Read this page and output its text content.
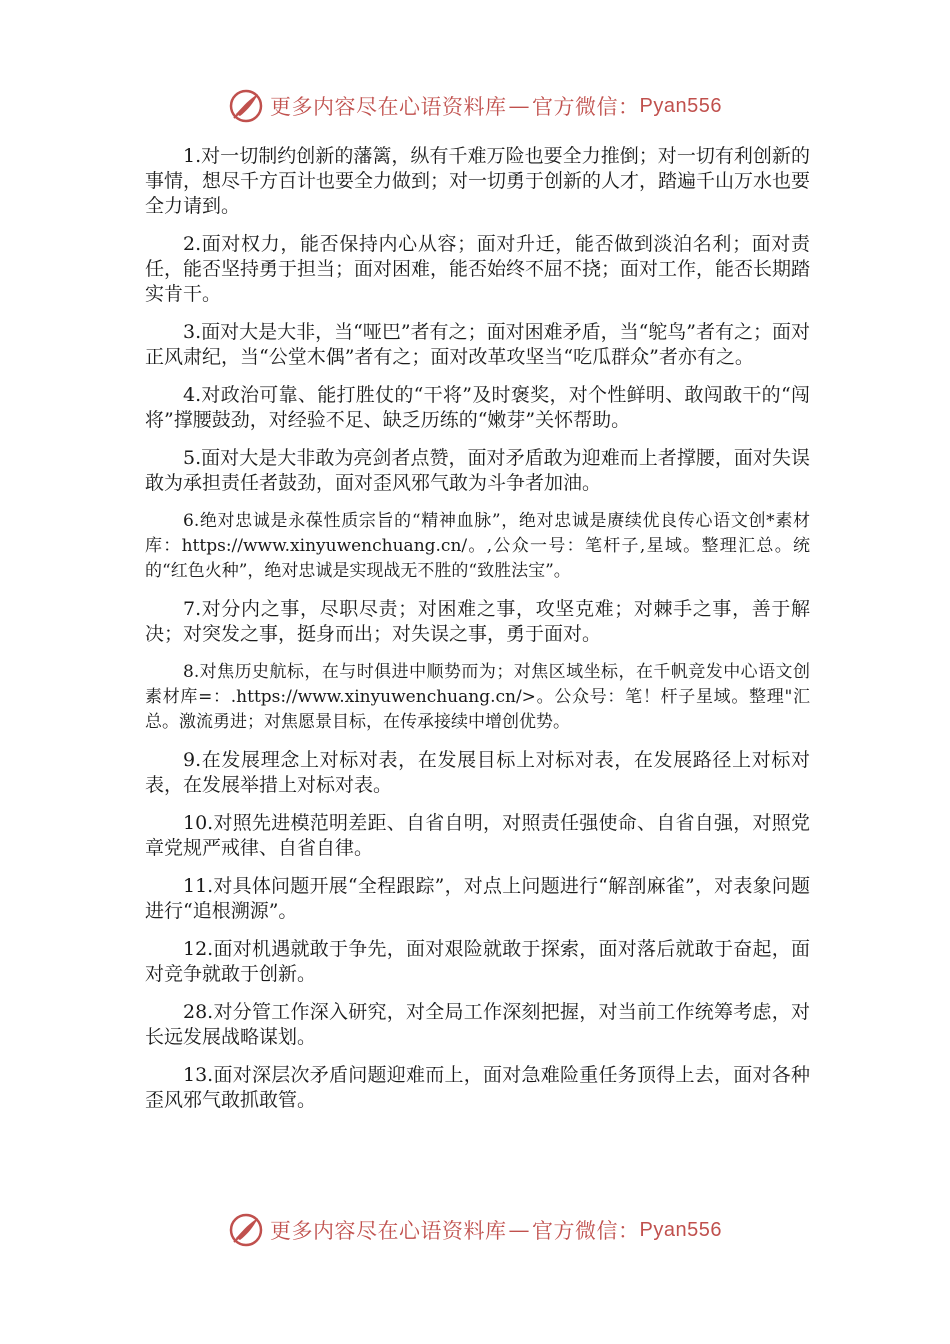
更多内容尽在心语资料库 — 官方微信： Pyan556

1.对一切制约创新的藩篱，纵有千难万险也要全力推倒；对一切有利创新的事情，想尽千方百计也要全力做到；对一切勇于创新的人才，踏遍千山万水也要全力请到。

2.面对权力，能否保持内心从容；面对升迁，能否做到淡泊名利；面对责任，能否坚持勇于担当；面对困难，能否始终不屈不挠；面对工作，能否长期踏实肯干。

3.面对大是大非，当“哑巴”者有之；面对困难矛盾，当“鸵鸟”者有之；面对正风肃纪，当“公堂木偶”者有之；面对改革攻坚当“吃瓜群众”者亦有之。

4.对政治可靠、能打胜仗的“干将”及时褒奖，对个性鲜明、敢闯敢干的“闯将”撑腰鼓劲，对经验不足、缺乏历练的“嫩芽”关怀帮助。

5.面对大是大非敢为亮剑者点赞，面对矛盾敢为迎难而上者撑腰，面对失误敢为承担责任者鼓劲，面对歪风邪气敢为斗争者加油。

6.绝对忠诚是永葆性质宗旨的“精神血脉”，绝对忠诚是赓续优良传心语文创*素材库：https://www.xinyuwenchuang.cn/。,公众一号：笔杆子,星域。整理汇总。统的“红色火种”，绝对忠诚是实现战无不胜的“致胜法宝”。

7.对分内之事，尽职尽责；对困难之事，攻坚克难；对棘手之事，善于解决；对突发之事，挺身而出；对失误之事，勇于面对。

8.对焦历史航标，在与时俱进中顺势而为；对焦区域坐标，在千帆竞发中心语文创素材库=：.https://www.xinyuwenchuang.cn/>。公众号：笔！杆子星域。整理"汇总。激流勇进；对焦愿景目标，在传承接续中增创优势。

9.在发展理念上对标对表，在发展目标上对标对表，在发展路径上对标对表，在发展举措上对标对表。

10.对照先进模范明差距、自省自明，对照责任强使命、自省自强，对照党章党规严戒律、自省自律。

11.对具体问题开展“全程跟踪”，对点上问题进行“解剖麻雀”，对表象问题进行“追根溯源”。

12.面对机遇就敢于争先，面对艰险就敢于探索，面对落后就敢于奋起，面对竞争就敢于创新。

28.对分管工作深入研究，对全局工作深刻把握，对当前工作统筹考虑，对长远发展战略谋划。

13.面对深层次矛盾问题迎难而上，面对急难险重任务顶得上去，面对各种歪风邪气敢抓敢管。

更多内容尽在心语资料库 — 官方微信： Pyan556
